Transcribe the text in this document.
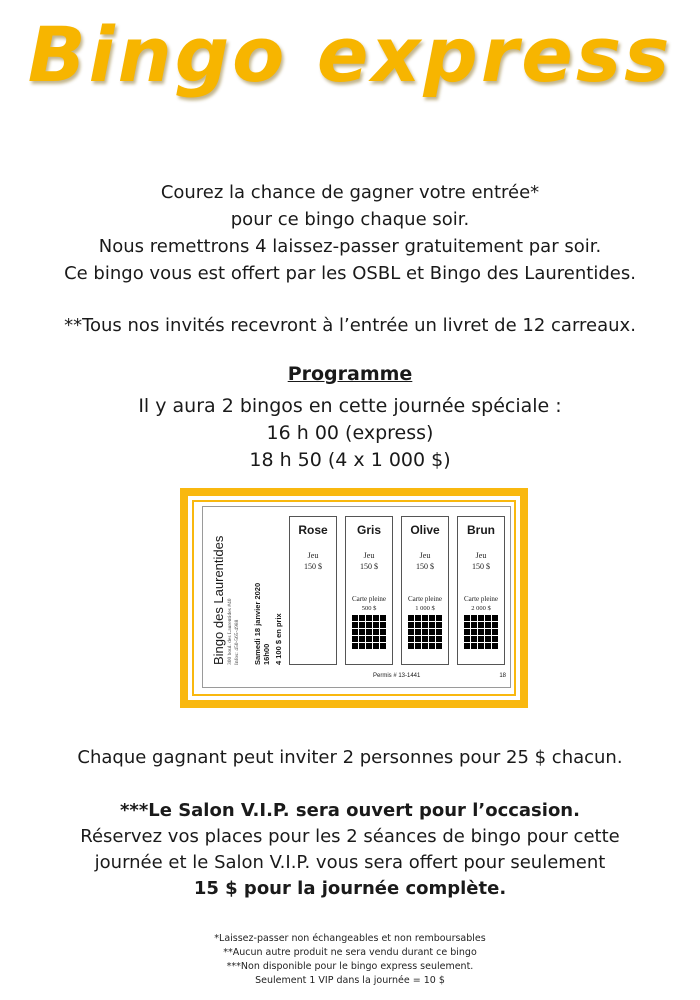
Bingo express
Courez la chance de gagner votre entrée*
pour ce bingo chaque soir.
Nous remettrons 4 laissez-passer gratuitement par soir.
Ce bingo vous est offert par les OSBL et Bingo des Laurentides.
**Tous nos invités recevront à l’entrée un livret de 12 carreaux.
Programme
Il y aura 2 bingos en cette journée spéciale :
16 h 00 (express)
18 h 50 (4 x 1 000 $)
Bingo des Laurentides 300 boul. des Laurentides #40 Infos: 450-565-4988 Samedi 18 janvier 2020 16h00 4 100 $ en prix
Rose
Jeu
150 $
Gris
Jeu
150 $
Carte pleine
500 $
Olive
Jeu
150 $
Carte pleine
1 000 $
Brun
Jeu
150 $
Carte pleine
2 000 $
Permis # 13-1441	18
Chaque gagnant peut inviter 2 personnes pour 25 $ chacun.
***Le Salon V.I.P. sera ouvert pour l’occasion.
Réservez vos places pour les 2 séances de bingo pour cette
journée et le Salon V.I.P. vous sera offert pour seulement
15 $ pour la journée complète.
*Laissez-passer non échangeables et non remboursables
**Aucun autre produit ne sera vendu durant ce bingo
***Non disponible pour le bingo express seulement.
Seulement 1 VIP dans la journée = 10 $
